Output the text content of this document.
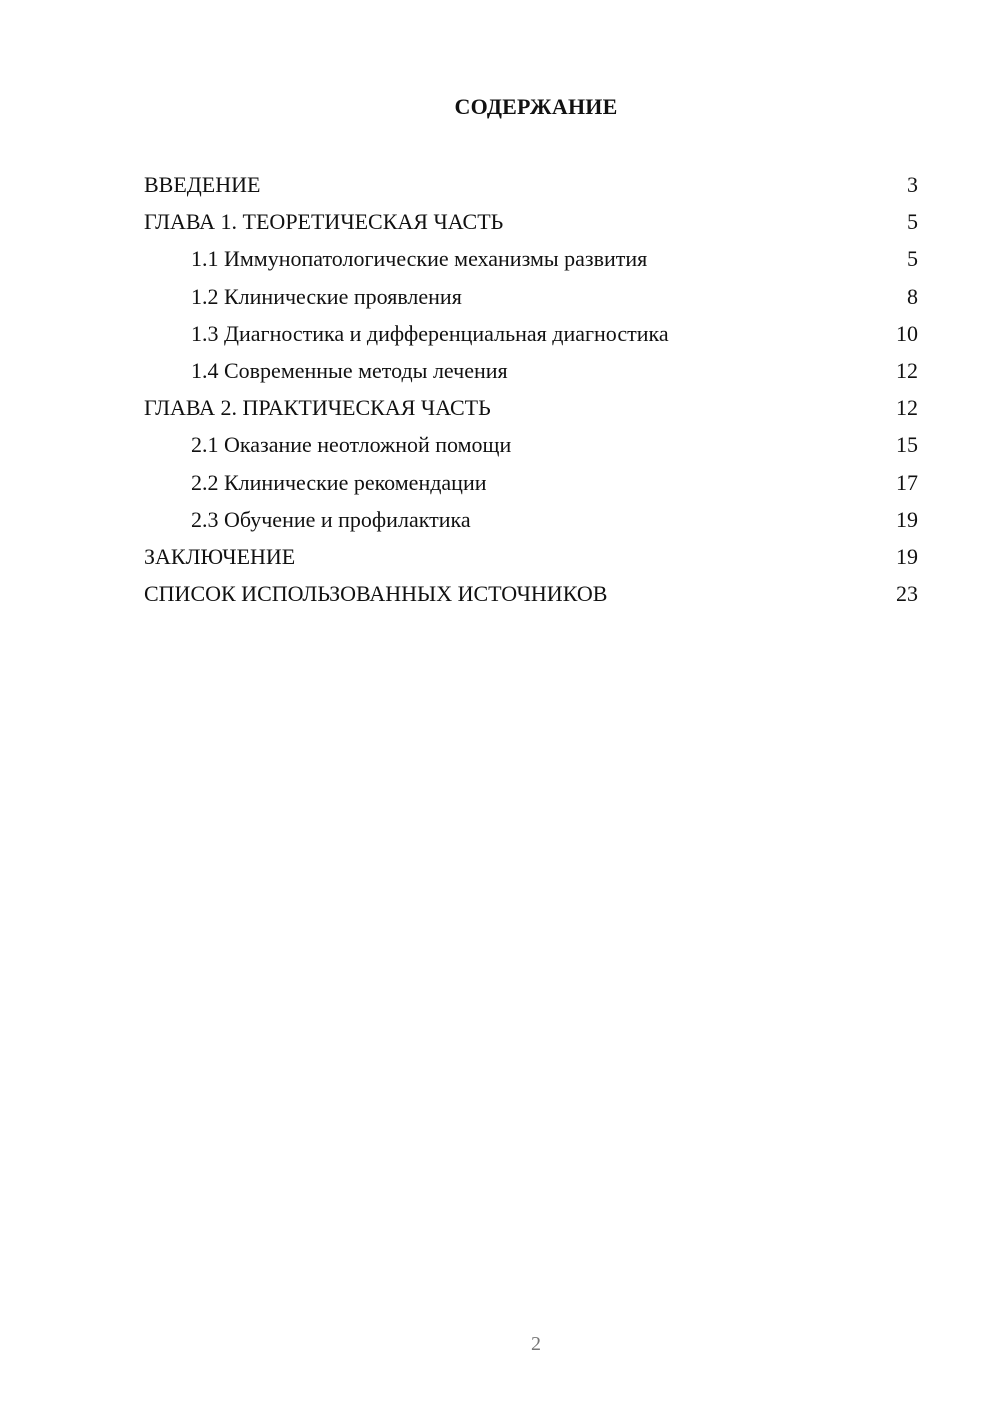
СОДЕРЖАНИЕ
ВВЕДЕНИЕ	3
ГЛАВА 1. ТЕОРЕТИЧЕСКАЯ ЧАСТЬ	5
1.1 Иммунопатологические механизмы развития	5
1.2 Клинические проявления	8
1.3 Диагностика и дифференциальная диагностика	10
1.4 Современные методы лечения	12
ГЛАВА 2. ПРАКТИЧЕСКАЯ ЧАСТЬ	12
2.1 Оказание неотложной помощи	15
2.2 Клинические рекомендации	17
2.3 Обучение и профилактика	19
ЗАКЛЮЧЕНИЕ	19
СПИСОК ИСПОЛЬЗОВАННЫХ ИСТОЧНИКОВ	23
2
